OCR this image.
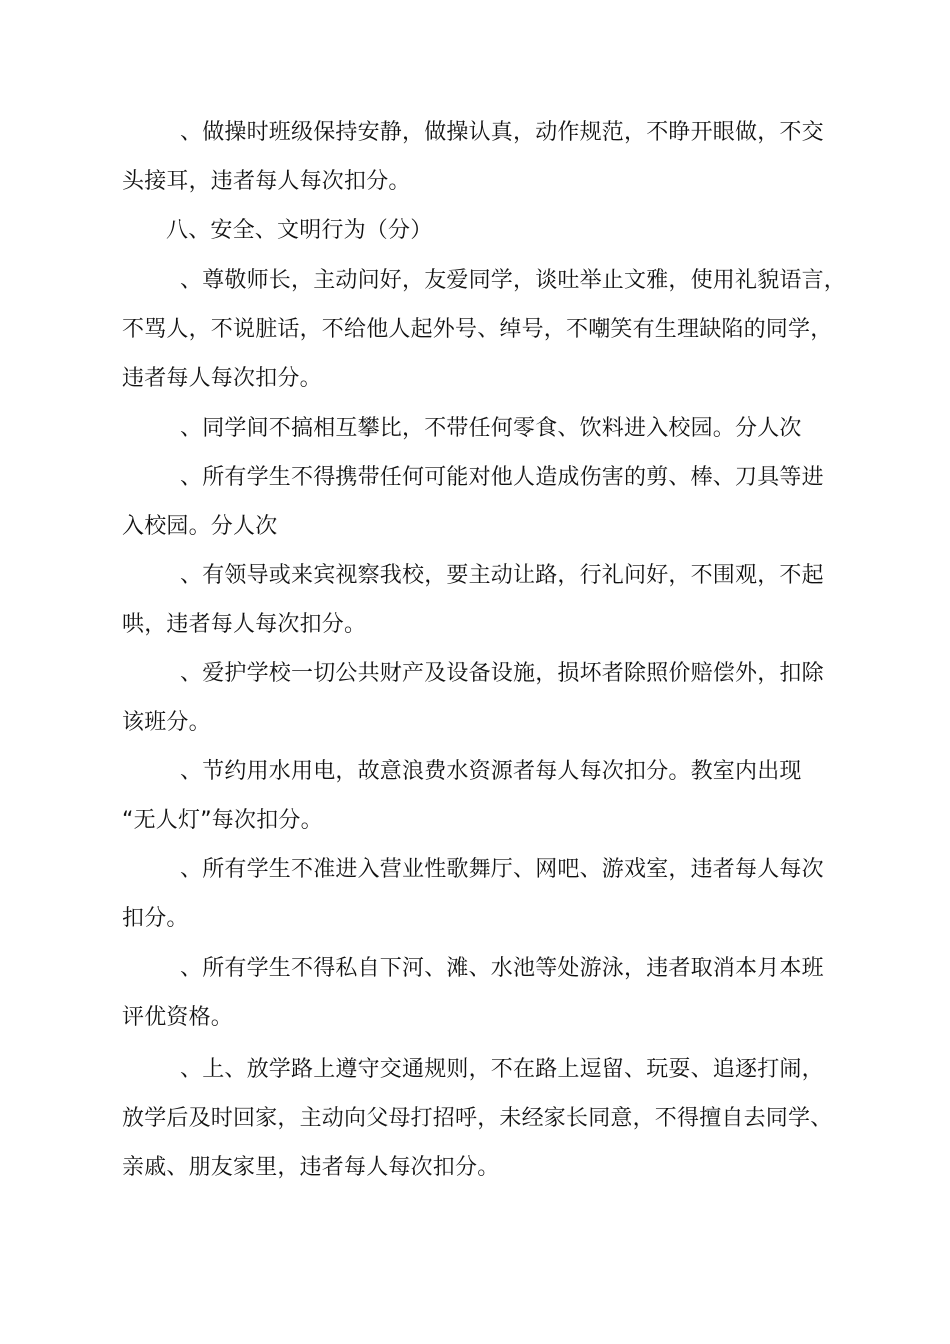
、做操时班级保持安静，做操认真，动作规范，不睁开眼做，不交
头接耳，违者每人每次扣分。
八、安全、文明行为（分）
、尊敬师长，主动问好，友爱同学，谈吐举止文雅，使用礼貌语言，
不骂人，不说脏话，不给他人起外号、绰号，不嘲笑有生理缺陷的同学，
违者每人每次扣分。
、同学间不搞相互攀比，不带任何零食、饮料进入校园。分人次
、所有学生不得携带任何可能对他人造成伤害的剪、棒、刀具等进
入校园。分人次
、有领导或来宾视察我校，要主动让路，行礼问好，不围观，不起
哄，违者每人每次扣分。
、爱护学校一切公共财产及设备设施，损坏者除照价赔偿外，扣除
该班分。
、节约用水用电，故意浪费水资源者每人每次扣分。教室内出现
“无人灯”每次扣分。
、所有学生不准进入营业性歌舞厅、网吧、游戏室，违者每人每次
扣分。
、所有学生不得私自下河、滩、水池等处游泳，违者取消本月本班
评优资格。
、上、放学路上遵守交通规则，不在路上逗留、玩耍、追逐打闹，
放学后及时回家，主动向父母打招呼，未经家长同意，不得擅自去同学、
亲戚、朋友家里，违者每人每次扣分。
